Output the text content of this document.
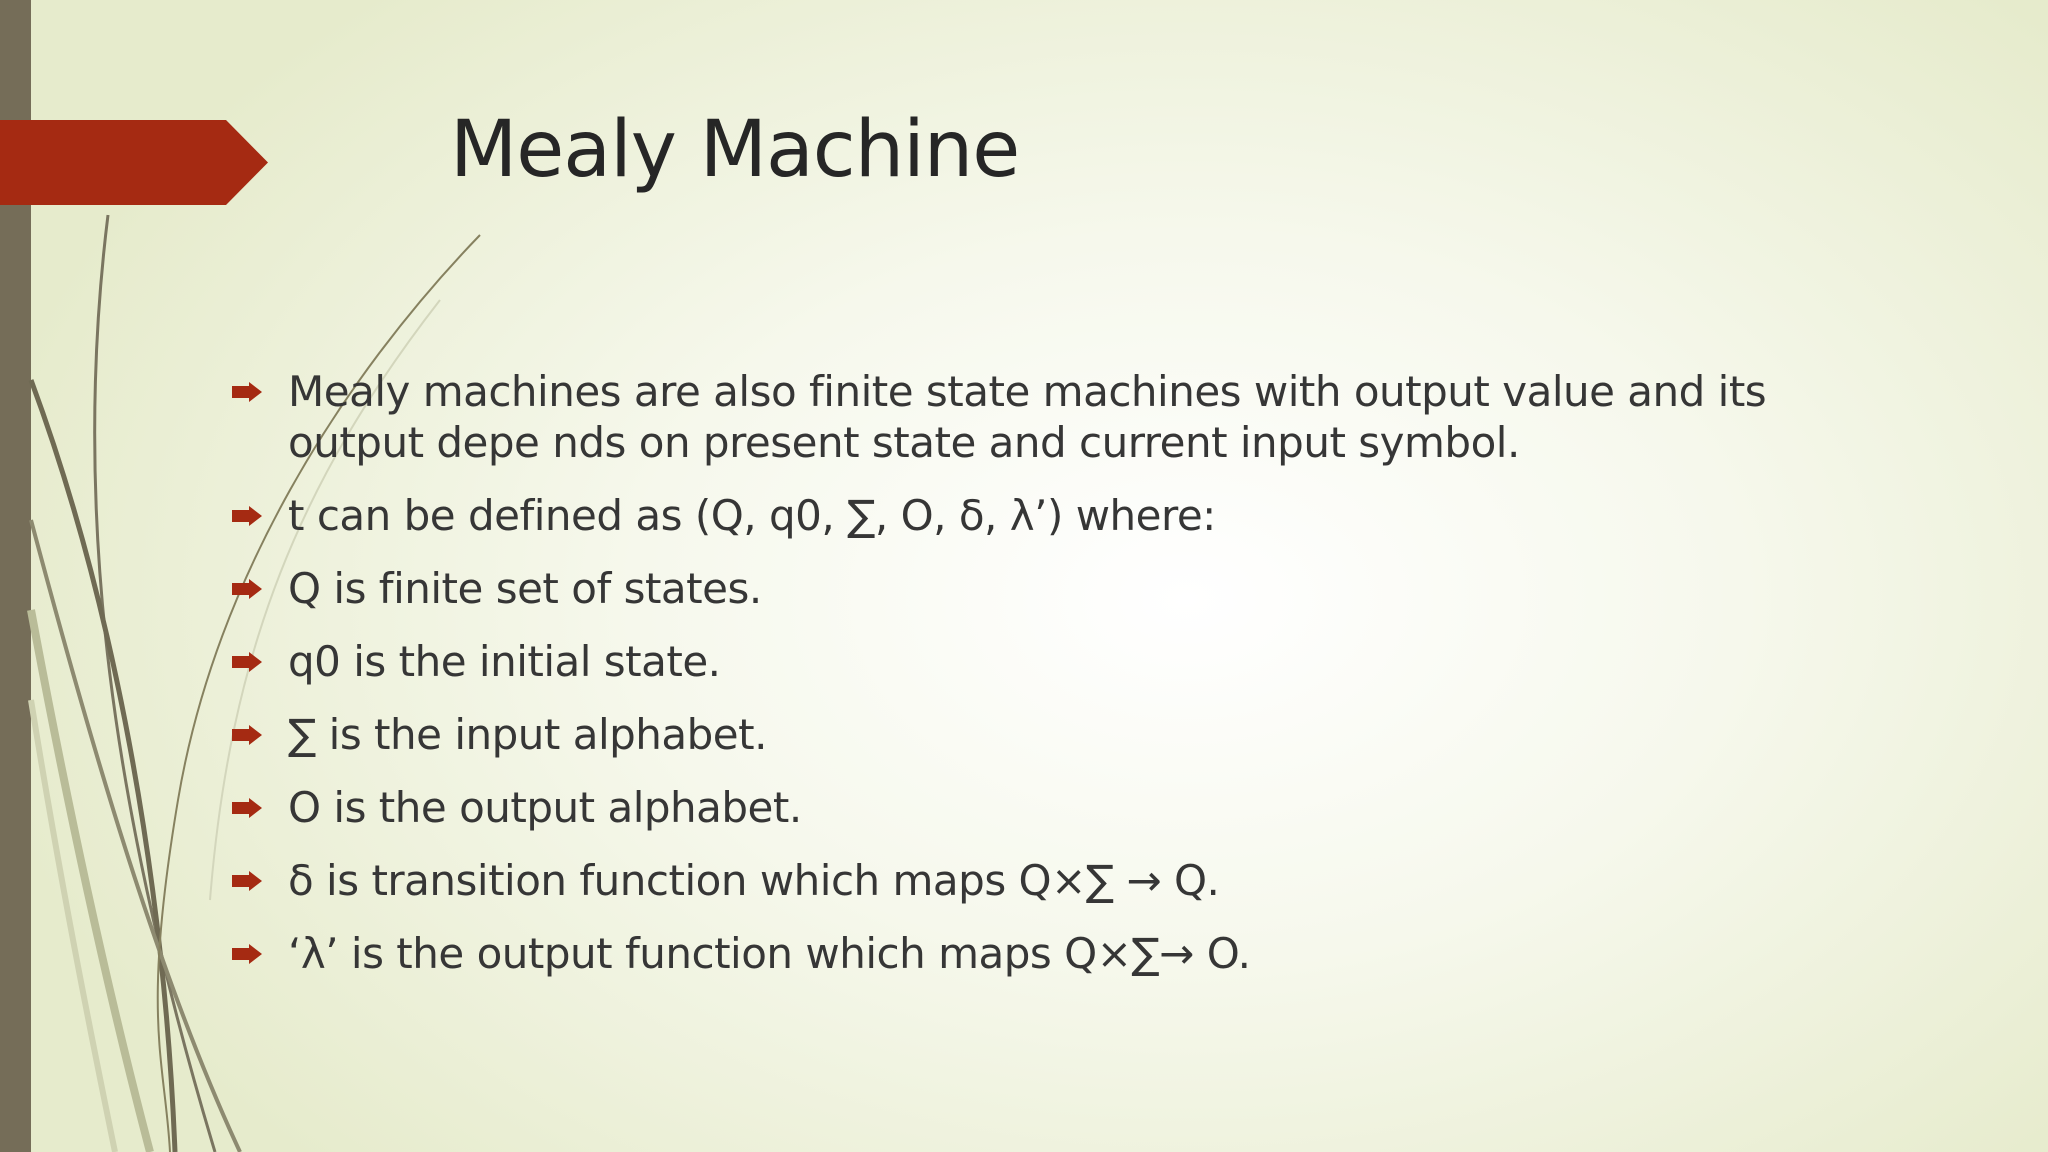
Mealy Machine
Mealy machines are also finite state machines with output value and its output depe nds on present state and current input symbol.
t can be defined as (Q, q0, ∑, O, δ, λ’) where:
Q is finite set of states.
q0 is the initial state.
∑ is the input alphabet.
O is the output alphabet.
δ is transition function which maps Q×∑ → Q.
‘λ’ is the output function which maps Q×∑→ O.
